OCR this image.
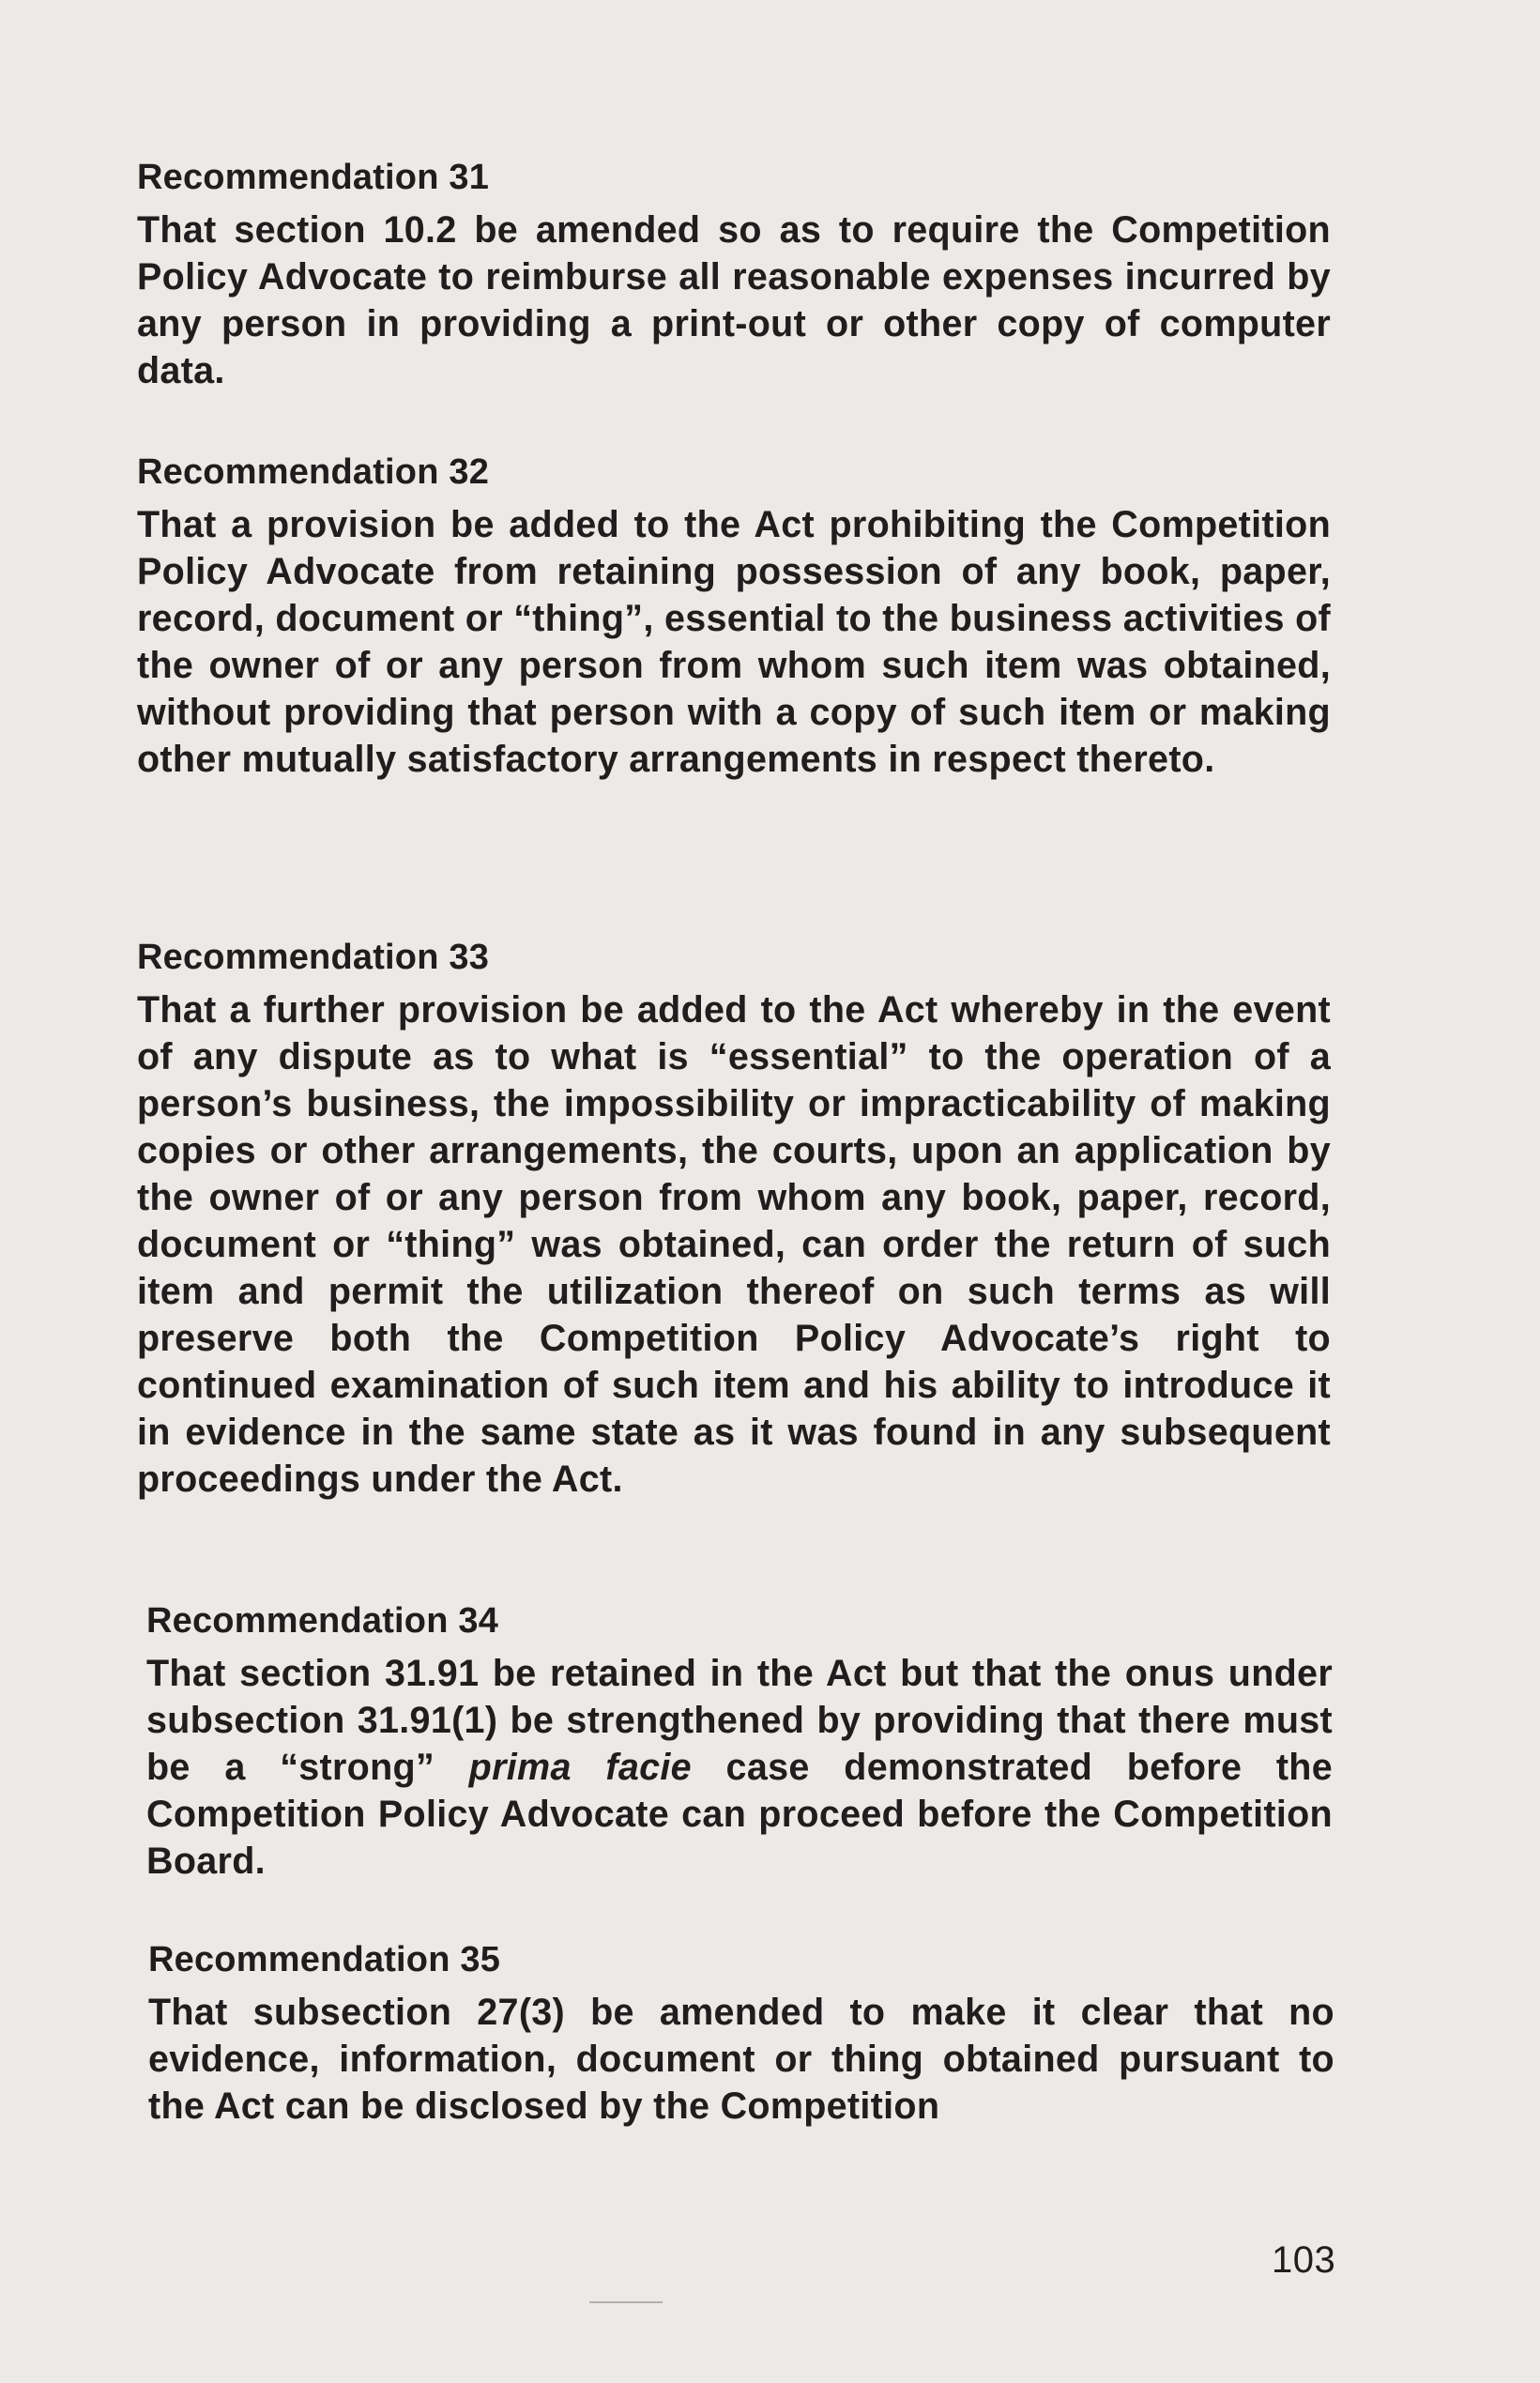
Recommendation 31

That section 10.2 be amended so as to require the Competition Policy Advocate to reimburse all reasonable expenses incurred by any person in providing a print-out or other copy of computer data.

Recommendation 32

That a provision be added to the Act prohibiting the Competition Policy Advocate from retaining possession of any book, paper, record, document or “thing”, essential to the business activities of the owner of or any person from whom such item was obtained, without providing that person with a copy of such item or making other mutually satisfactory arrangements in respect thereto.

Recommendation 33

That a further provision be added to the Act whereby in the event of any dispute as to what is “essential” to the operation of a person’s business, the impossibility or impracticability of making copies or other arrangements, the courts, upon an application by the owner of or any person from whom any book, paper, record, document or “thing” was obtained, can order the return of such item and permit the utilization thereof on such terms as will preserve both the Competition Policy Advocate’s right to continued examination of such item and his ability to introduce it in evidence in the same state as it was found in any subsequent proceedings under the Act.

Recommendation 34

That section 31.91 be retained in the Act but that the onus under subsection 31.91(1) be strengthened by providing that there must be a “strong” prima facie case demonstrated before the Competition Policy Advocate can proceed before the Competition Board.

Recommendation 35

That subsection 27(3) be amended to make it clear that no evidence, information, document or thing obtained pursuant to the Act can be disclosed by the Competition

103
